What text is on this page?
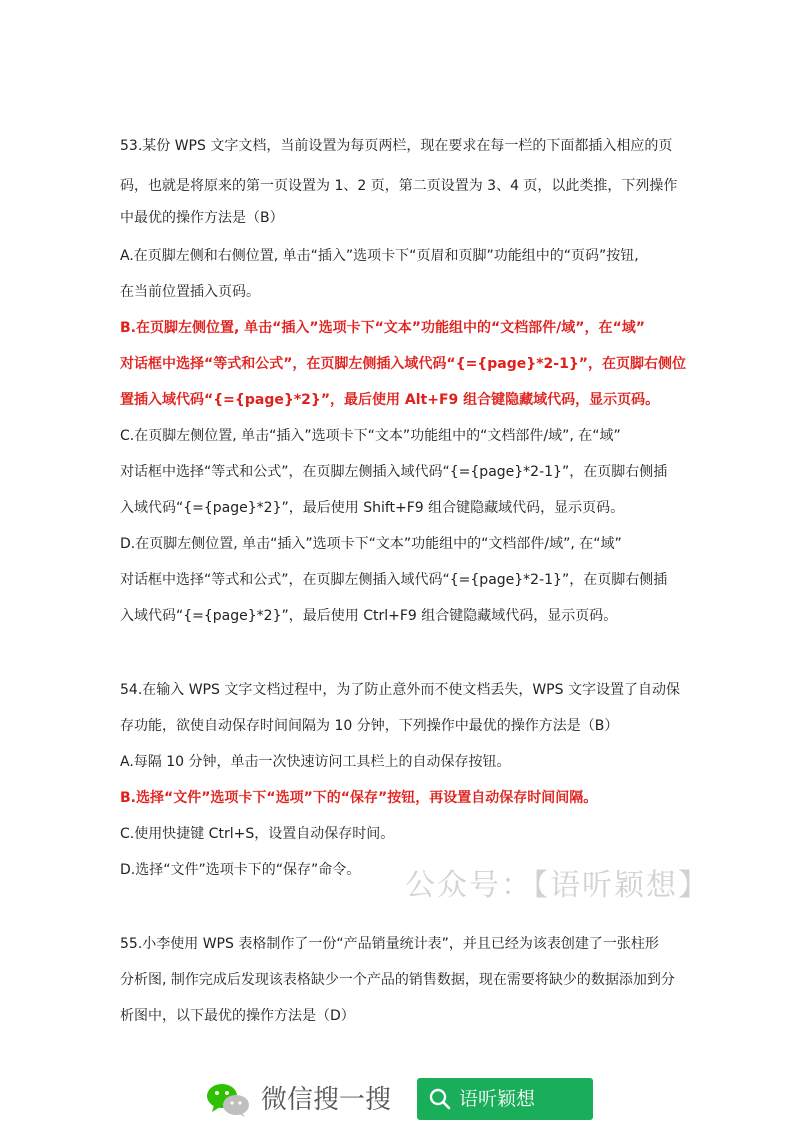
53.某份 WPS 文字文档，当前设置为每页两栏，现在要求在每一栏的下面都插入相应的页
码，也就是将原来的第一页设置为 1、2 页，第二页设置为 3、4 页，以此类推，下列操作
中最优的操作方法是（B）
A.在页脚左侧和右侧位置, 单击“插入”选项卡下“页眉和页脚”功能组中的“页码”按钮,
在当前位置插入页码。
B.在页脚左侧位置, 单击“插入”选项卡下“文本”功能组中的“文档部件/域”，在“域”
对话框中选择“等式和公式”，在页脚左侧插入域代码“{={page}*2-1}”，在页脚右侧位
置插入域代码“{={page}*2}”，最后使用 Alt+F9 组合键隐藏域代码，显示页码。
C.在页脚左侧位置, 单击“插入”选项卡下“文本”功能组中的“文档部件/域”, 在“域”
对话框中选择“等式和公式”，在页脚左侧插入域代码“{={page}*2-1}”，在页脚右侧插
入域代码“{={page}*2}”，最后使用 Shift+F9 组合键隐藏域代码，显示页码。
D.在页脚左侧位置, 单击“插入”选项卡下“文本”功能组中的“文档部件/域”, 在“域”
对话框中选择“等式和公式”，在页脚左侧插入域代码“{={page}*2-1}”，在页脚右侧插
入域代码“{={page}*2}”，最后使用 Ctrl+F9 组合键隐藏域代码，显示页码。
54.在输入 WPS 文字文档过程中，为了防止意外而不使文档丢失，WPS 文字设置了自动保
存功能，欲使自动保存时间间隔为 10 分钟，下列操作中最优的操作方法是（B）
A.每隔 10 分钟，单击一次快速访问工具栏上的自动保存按钮。
B.选择“文件”选项卡下“选项”下的“保存”按钮，再设置自动保存时间间隔。
C.使用快捷键 Ctrl+S，设置自动保存时间。
D.选择“文件”选项卡下的“保存”命令。	公众号：【语听颖想】
55.小李使用 WPS 表格制作了一份“产品销量统计表”，并且已经为该表创建了一张柱形
分析图, 制作完成后发现该表格缺少一个产品的销售数据，现在需要将缺少的数据添加到分
析图中，以下最优的操作方法是（D）
微信搜一搜	语听颖想
